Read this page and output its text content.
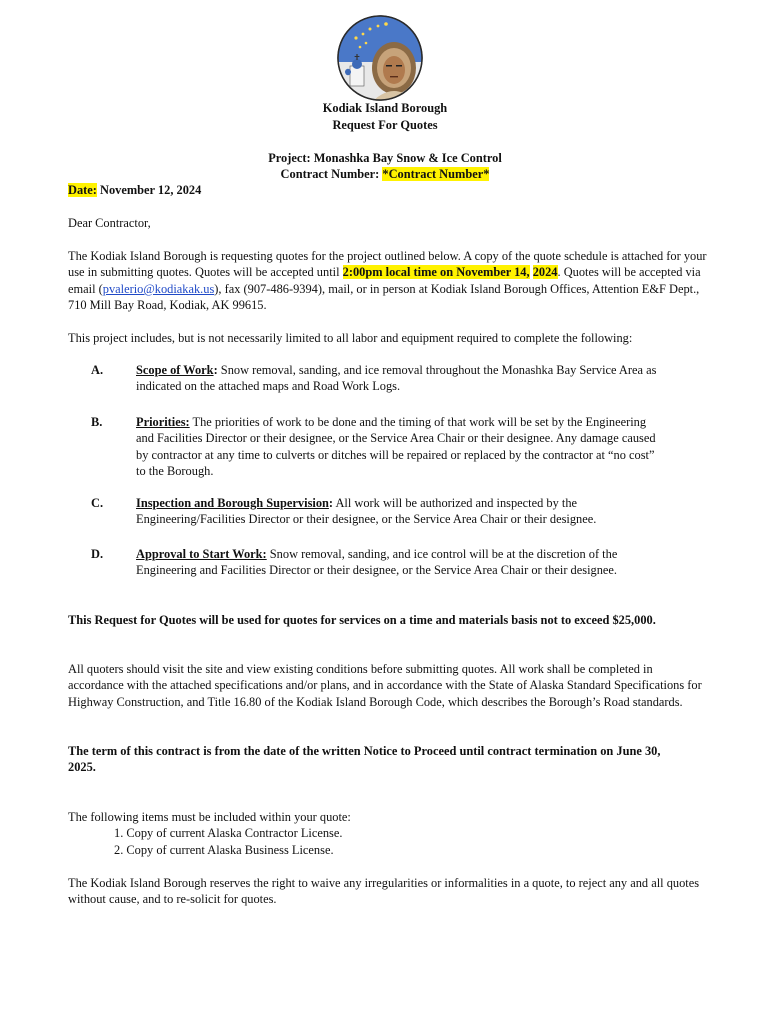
Kodiak Island Borough
Request For Quotes
Project: Monashka Bay Snow & Ice Control
Contract Number: *Contract Number*
Date: November 12, 2024
Dear Contractor,
The Kodiak Island Borough is requesting quotes for the project outlined below. A copy of the quote schedule is attached for your use in submitting quotes. Quotes will be accepted until 2:00pm local time on November 14, 2024. Quotes will be accepted via email (pvalerio@kodiakak.us), fax (907-486-9394), mail, or in person at Kodiak Island Borough Offices, Attention E&F Dept., 710 Mill Bay Road, Kodiak, AK 99615.
This project includes, but is not necessarily limited to all labor and equipment required to complete the following:
A.	Scope of Work: Snow removal, sanding, and ice removal throughout the Monashka Bay Service Area as indicated on the attached maps and Road Work Logs.
B.	Priorities: The priorities of work to be done and the timing of that work will be set by the Engineering and Facilities Director or their designee, or the Service Area Chair or their designee. Any damage caused by contractor at any time to culverts or ditches will be repaired or replaced by the contractor at “no cost” to the Borough.
C.	Inspection and Borough Supervision: All work will be authorized and inspected by the Engineering/Facilities Director or their designee, or the Service Area Chair or their designee.
D.	Approval to Start Work: Snow removal, sanding, and ice control will be at the discretion of the Engineering and Facilities Director or their designee, or the Service Area Chair or their designee.
This Request for Quotes will be used for quotes for services on a time and materials basis not to exceed $25,000.
All quoters should visit the site and view existing conditions before submitting quotes. All work shall be completed in accordance with the attached specifications and/or plans, and in accordance with the State of Alaska Standard Specifications for Highway Construction, and Title 16.80 of the Kodiak Island Borough Code, which describes the Borough’s Road standards.
The term of this contract is from the date of the written Notice to Proceed until contract termination on June 30, 2025.
The following items must be included within your quote:
1. Copy of current Alaska Contractor License.
2. Copy of current Alaska Business License.
The Kodiak Island Borough reserves the right to waive any irregularities or informalities in a quote, to reject any and all quotes without cause, and to re-solicit for quotes.
